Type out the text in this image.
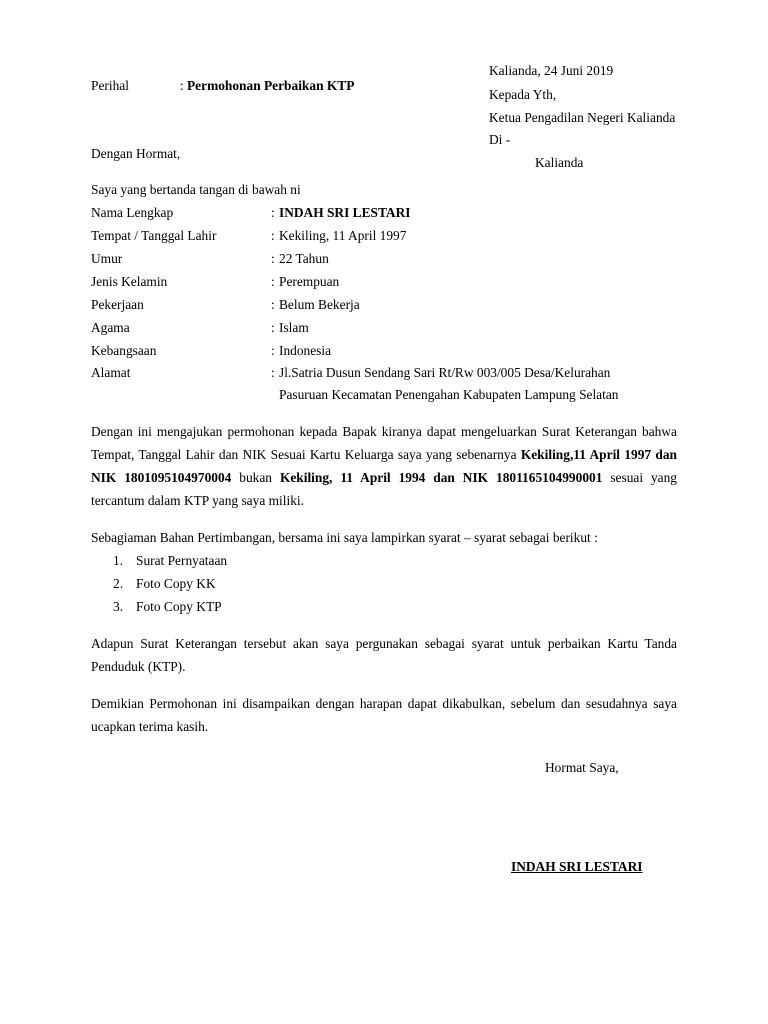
Kalianda, 24 Juni 2019
Kepada Yth,
Ketua Pengadilan Negeri Kalianda
Di -
Kalianda
Perihal	: Permohonan Perbaikan KTP
Dengan Hormat,
Saya yang bertanda tangan di bawah ni
Nama Lengkap	: INDAH SRI LESTARI
Tempat / Tanggal Lahir	: Kekiling, 11 April 1997
Umur	: 22 Tahun
Jenis Kelamin	: Perempuan
Pekerjaan	: Belum Bekerja
Agama	: Islam
Kebangsaan	: Indonesia
Alamat	: Jl.Satria Dusun Sendang Sari Rt/Rw 003/005 Desa/Kelurahan
Pasuruan Kecamatan Penengahan Kabupaten Lampung Selatan
Dengan ini mengajukan permohonan kepada Bapak kiranya dapat mengeluarkan Surat Keterangan bahwa Tempat, Tanggal Lahir dan NIK Sesuai Kartu Keluarga saya yang sebenarnya Kekiling,11 April 1997 dan NIK 1801095104970004 bukan Kekiling, 11 April 1994 dan NIK 1801165104990001 sesuai yang tercantum dalam KTP yang saya miliki.
Sebagiaman Bahan Pertimbangan, bersama ini saya lampirkan syarat – syarat sebagai berikut :
1. Surat Pernyataan
2. Foto Copy KK
3. Foto Copy KTP
Adapun Surat Keterangan tersebut akan saya pergunakan sebagai syarat untuk perbaikan Kartu Tanda Penduduk (KTP).
Demikian Permohonan ini disampaikan dengan harapan dapat dikabulkan, sebelum dan sesudahnya saya ucapkan terima kasih.
Hormat Saya,
INDAH SRI LESTARI
